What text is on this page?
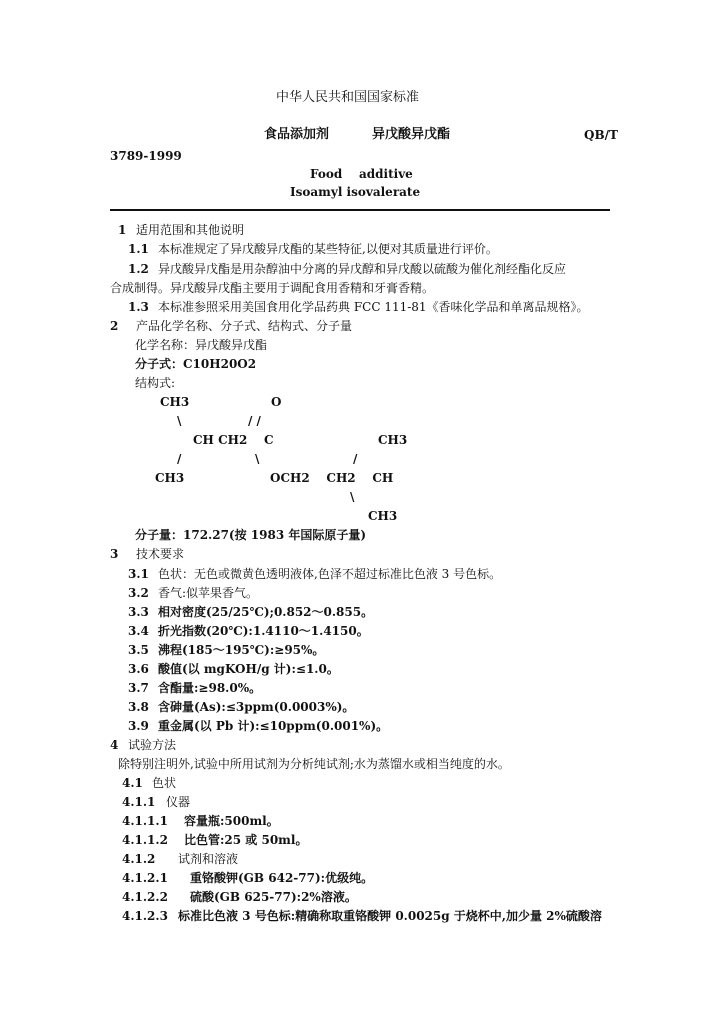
中华人民共和国国家标准
食品添加剂	异戊酸异戊酯	QB/T
3789-1999
Food    additive
Isoamyl isovalerate
1 适用范围和其他说明
1.1 本标准规定了异戊酸异戊酯的某些特征,以便对其质量进行评价。
1.2 异戊酸异戊酯是用杂醇油中分离的异戊醇和异戊酸以硫酸为催化剂经酯化反应
合成制得。异戊酸异戊酯主要用于调配食用香精和牙膏香精。
1.3 本标准参照采用美国食用化学品药典 FCC 111-81《香味化学品和单离品规格》。
2 产品化学名称、分子式、结构式、分子量
化学名称：异戊酸异戊酯
分子式：C10H20O2
结构式:
CH3	O
\	/ /
CH CH2    C	CH3
/	\	/
CH3	OCH2    CH2    CH
\
CH3
分子量：172.27(按 1983 年国际原子量)
3 技术要求
3.1 色状：无色或微黄色透明液体,色泽不超过标准比色液 3 号色标。
3.2 香气:似苹果香气。
3.3 相对密度(25/25℃);0.852～0.855。
3.4 折光指数(20℃):1.4110～1.4150。
3.5 沸程(185～195℃):≥95%。
3.6 酸值(以 mgKOH/g 计):≤1.0。
3.7 含酯量:≥98.0%。
3.8 含砷量(As):≤3ppm(0.0003%)。
3.9 重金属(以 Pb 计):≤10ppm(0.001%)。
4 试验方法
除特别注明外,试验中所用试剂为分析纯试剂;水为蒸馏水或相当纯度的水。
4.1 色状
4.1.1 仪器
4.1.1.1 容量瓶:500ml。
4.1.1.2 比色管:25 或 50ml。
4.1.2 试剂和溶液
4.1.2.1 重铬酸钾(GB 642-77):优级纯。
4.1.2.2 硫酸(GB 625-77):2%溶液。
4.1.2.3 标准比色液 3 号色标:精确称取重铬酸钾 0.0025g 于烧杯中,加少量 2%硫酸溶
